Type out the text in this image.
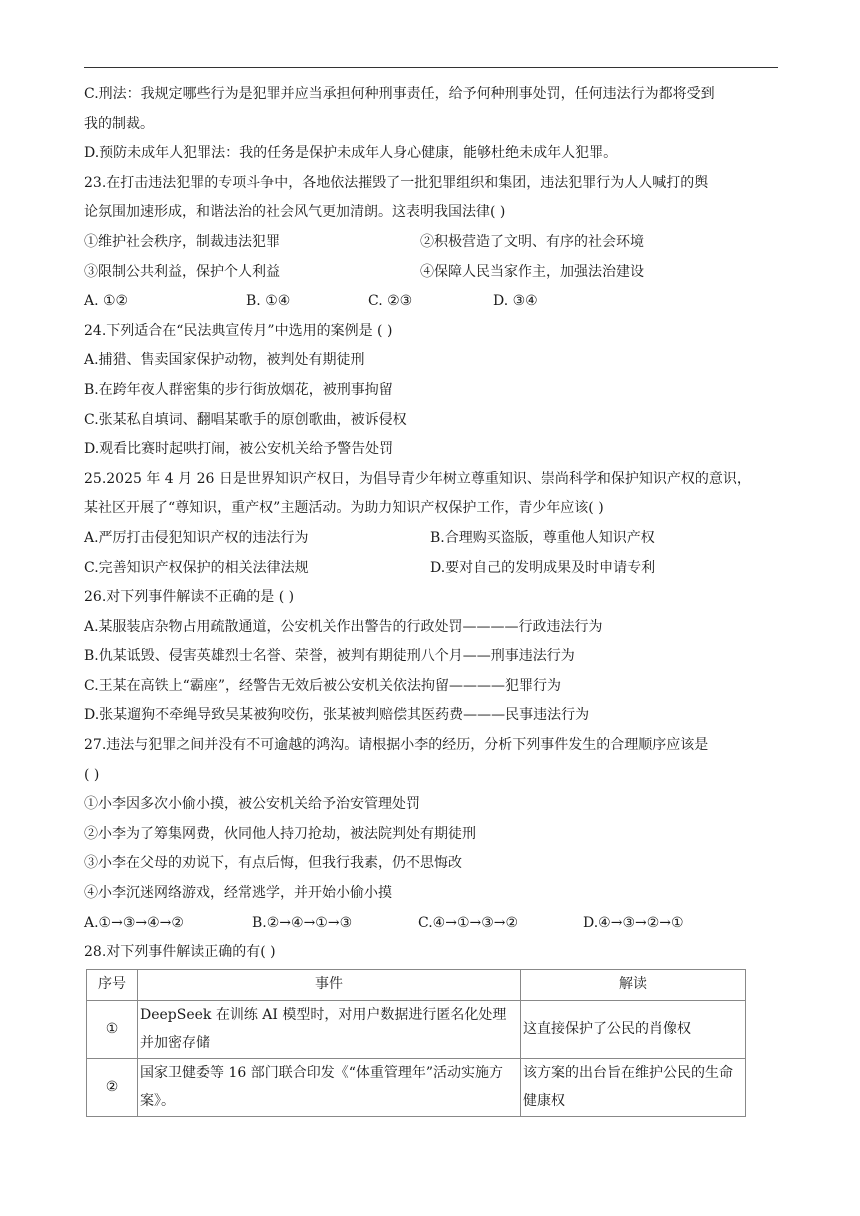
C.刑法：我规定哪些行为是犯罪并应当承担何种刑事责任，给予何种刑事处罚，任何违法行为都将受到

我的制裁。

D.预防未成年人犯罪法：我的任务是保护未成年人身心健康，能够杜绝未成年人犯罪。

23.在打击违法犯罪的专项斗争中，各地依法摧毁了一批犯罪组织和集团，违法犯罪行为人人喊打的舆

论氛围加速形成，和谐法治的社会风气更加清朗。这表明我国法律( )

①维护社会秩序，制裁违法犯罪	②积极营造了文明、有序的社会环境
③限制公共利益，保护个人利益	④保障人民当家作主，加强法治建设
A. ①②	B. ①④	C. ②③	D. ③④

24.下列适合在“民法典宣传月”中选用的案例是 ( )

A.捕猎、售卖国家保护动物，被判处有期徒刑

B.在跨年夜人群密集的步行街放烟花，被刑事拘留

C.张某私自填词、翻唱某歌手的原创歌曲，被诉侵权

D.观看比赛时起哄打闹，被公安机关给予警告处罚

25.2025 年 4 月 26 日是世界知识产权日，为倡导青少年树立尊重知识、崇尚科学和保护知识产权的意识，

某社区开展了“尊知识，重产权”主题活动。为助力知识产权保护工作，青少年应该( )

A.严厉打击侵犯知识产权的违法行为	B.合理购买盗版，尊重他人知识产权
C.完善知识产权保护的相关法律法规	D.要对自己的发明成果及时申请专利

26.对下列事件解读不正确的是 ( )

A.某服装店杂物占用疏散通道，公安机关作出警告的行政处罚————行政违法行为

B.仇某诋毁、侵害英雄烈士名誉、荣誉，被判有期徒刑八个月——刑事违法行为

C.王某在高铁上“霸座”，经警告无效后被公安机关依法拘留————犯罪行为

D.张某遛狗不牵绳导致吴某被狗咬伤，张某被判赔偿其医药费———民事违法行为

27.违法与犯罪之间并没有不可逾越的鸿沟。请根据小李的经历，分析下列事件发生的合理顺序应该是

( )

①小李因多次小偷小摸，被公安机关给予治安管理处罚

②小李为了筹集网费，伙同他人持刀抢劫，被法院判处有期徒刑

③小李在父母的劝说下，有点后悔，但我行我素，仍不思悔改

④小李沉迷网络游戏，经常逃学，并开始小偷小摸

A.①→③→④→②	B.②→④→①→③	C.④→①→③→②	D.④→③→②→①

28.对下列事件解读正确的有( )

序号	事件	解读
①	DeepSeek 在训练 AI 模型时，对用户数据进行匿名化处理并加密存储	这直接保护了公民的肖像权
②	国家卫健委等 16 部门联合印发《“体重管理年”活动实施方案》。	该方案的出台旨在维护公民的生命健康权
